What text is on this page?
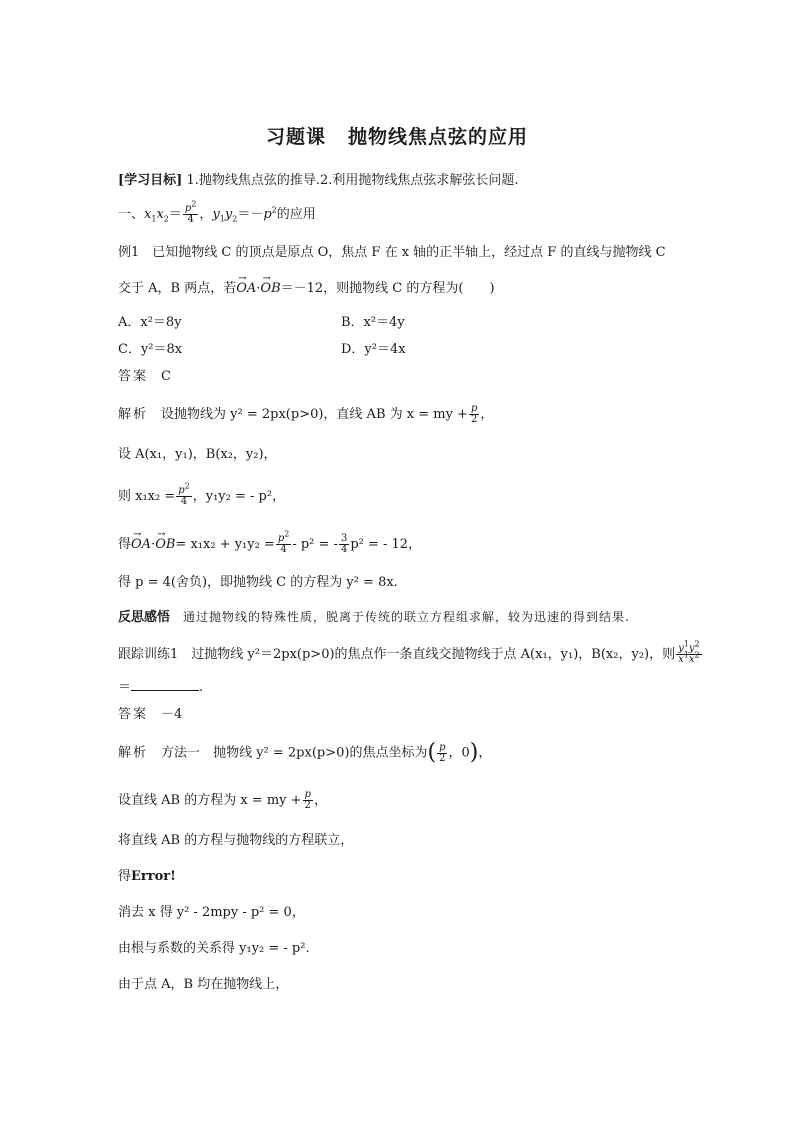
习题课 抛物线焦点弦的应用
[学习目标] 1.抛物线焦点弦的推导.2.利用抛物线焦点弦求解弦长问题.
一、$x_1x_2= \frac{p^2}{4}$ ，$y_1y_2=-p^2$的应用
例1　 已知抛物线 C 的顶点是原点 O，焦点 F 在 x 轴的正半轴上，经过点 F 的直线与抛物线 C
交于 A，B 两点，若→ OA·→ OB＝－12，则抛物线 C 的方程为(　　)
A．x²＝8y	B．x²＝4y
C．y²＝8x	D．y²＝4x
答案　 C
解析　 设抛物线为 y² = 2px(p>0)，直线 AB 为 x = my + $\frac{p}{2}$ ，
设 A(x₁，y₁)，B(x₂，y₂)，
则 $x_1x_2 = \frac{p^2}{4}$ ，y₁y₂ = - p²，
得→ $OA\cdot\to OB= x_1x_2 + y_1y_2 = \frac{p^2}{4} - p^2$ = - $\frac{3}{4} p^2$ = - 12，
得 p = 4(舍负)，即抛物线 C 的方程为 y² = 8x.
反思感悟　 通过抛物线的特殊性质，脱离于传统的联立方程组求解，较为迅速的得到结果.
跟踪训练1　 过抛物线 y²＝2px(p>0)的焦点作一条直线交抛物线于点 A(x₁，y₁)，B(x₂，y₂)，则 $\frac{y^1y^2}{x^1x^2}$
＝	.
答案　 －4
解析　 方法一　 抛物线 y² = 2px(p>0)的焦点坐标为( $\frac{p}{2}$ ，0)，
设直线 AB 的方程为 x = my + $\frac{p}{2}$ ，
将直线 AB 的方程与抛物线的方程联立，
得Error!
消去 x 得 y² - 2mpy - p² = 0，
由根与系数的关系得 y₁y₂ = - p².
由于点 A，B 均在抛物线上，
